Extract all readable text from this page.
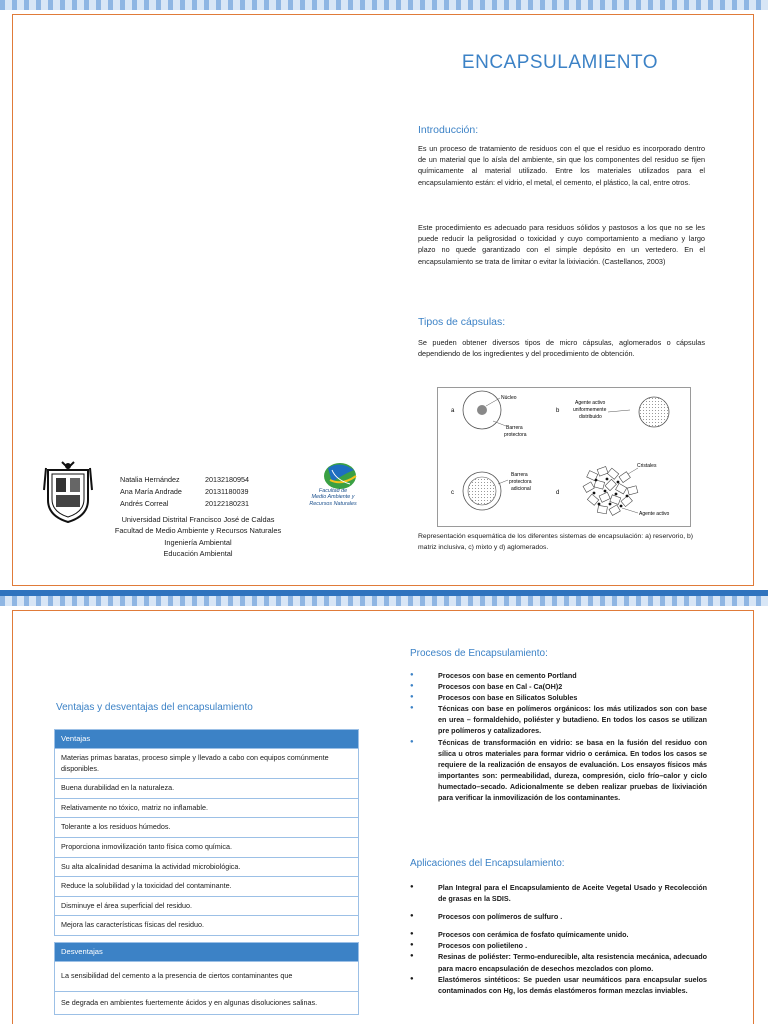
ENCAPSULAMIENTO
Introducción:

Es un proceso de tratamiento de residuos con el que el residuo es incorporado dentro de un material que lo aísla del ambiente, sin que los componentes del residuo se fijen químicamente al material utilizado. Entre los materiales utilizados para el encapsulamiento están: el vidrio, el metal, el cemento, el plástico, la cal, entre otros.

Este procedimiento es adecuado para residuos sólidos y pastosos a los que no se les puede reducir la peligrosidad o toxicidad y cuyo comportamiento a mediano y largo plazo no quede garantizado con el simple depósito en un vertedero. En el encapsulamiento se trata de limitar o evitar la lixiviación. (Castellanos, 2003)

Tipos de cápsulas:

Se pueden obtener diversos tipos de micro cápsulas, aglomerados o cápsulas dependiendo de los ingredientes y del procedimiento de obtención.

a
Núcleo
Barrera
protectora
b
Agente activo
uniformemente
distribuido
c
Barrera
protectora
adicional
d
Cristales
Agente activo
Representación esquemática de los diferentes sistemas de encapsulación: a) reservorio, b) matriz inclusiva, c) mixto y d) aglomerados.
Natalia Hernández	20132180954
Ana María Andrade	20131180039
Andrés Correal	20122180231
Universidad Distrital Francisco José de Caldas
Facultad de Medio Ambiente y Recursos Naturales
Ingeniería Ambiental
Educación Ambiental
Facultad de
Medio Ambiente y
Recursos Naturales
Ventajas y desventajas del encapsulamiento
Ventajas
Materias primas baratas, proceso simple y llevado a cabo con equipos comúnmente disponibles.
Buena durabilidad en la naturaleza.
Relativamente no tóxico, matriz no inflamable.
Tolerante a los residuos húmedos.
Proporciona inmovilización tanto física como química.
Su alta alcalinidad desanima la actividad microbiológica.
Reduce la solubilidad y la toxicidad del contaminante.
Disminuye el área superficial del residuo.
Mejora las características físicas del residuo.
Desventajas
La sensibilidad del cemento a la presencia de ciertos contaminantes que
Se degrada en ambientes fuertemente ácidos y en algunas disoluciones salinas.
Procesos de Encapsulamiento:
● Procesos con base en cemento Portland
● Procesos con base en Cal - Ca(OH)2
● Procesos con base en Silicatos Solubles
● Técnicas con base en polímeros orgánicos: los más utilizados son con base en urea – formaldehido, poliéster y butadieno. En todos los casos se utilizan pre polímeros y catalizadores.
● Técnicas de transformación en vidrio: se basa en la fusión del residuo con sílica u otros materiales para formar vidrio o cerámica. En todos los casos se requiere de la realización de ensayos de evaluación. Los ensayos físicos más importantes son: permeabilidad, dureza, compresión, ciclo frío–calor y ciclo humectado–secado. Adicionalmente se deben realizar pruebas de lixiviación para verificar la inmovilización de los contaminantes.
Aplicaciones del Encapsulamiento:
● Plan Integral para el Encapsulamiento de Aceite Vegetal Usado y Recolección de grasas en la SDIS.
● Procesos con polímeros de sulfuro .
● Procesos con cerámica de fosfato químicamente unido.
● Procesos con polietileno .
● Resinas de poliéster: Termo-endurecible, alta resistencia mecánica, adecuado para macro encapsulación de desechos mezclados con plomo.
● Elastómeros sintéticos: Se pueden usar neumáticos para encapsular suelos contaminados con Hg, los demás elastómeros forman mezclas inviables.
